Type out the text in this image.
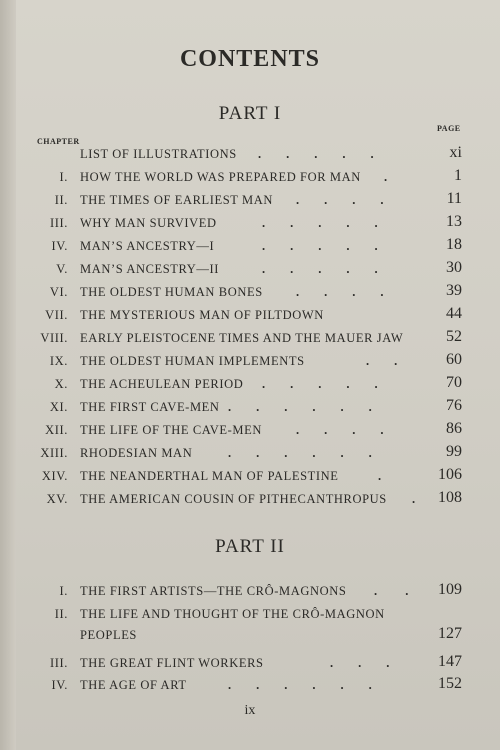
CONTENTS
PART I
CHAPTER
PAGE
LIST OF ILLUSTRATIONS .        .        .        .        .	xi
I. HOW THE WORLD WAS PREPARED FOR MAN .	1
II. THE TIMES OF EARLIEST MAN .        .        .        .	11
III. WHY MAN SURVIVED	.        .        .        .        .	13
IV. MAN’S ANCESTRY—I	.        .        .        .        .	18
V. MAN’S ANCESTRY—II	.        .        .        .        .	30
VI. THE OLDEST HUMAN BONES	.        .        .        .	39
VII. THE MYSTERIOUS MAN OF PILTDOWN	44
VIII. EARLY PLEISTOCENE TIMES AND THE MAUER JAW	52
IX. THE OLDEST HUMAN IMPLEMENTS	.        .	60
X. THE ACHEULEAN PERIOD .        .        .        .        .	70
XI. THE FIRST CAVE-MEN .        .        .        .        .        .	76
XII. THE LIFE OF THE CAVE-MEN	.        .        .        .	86
XIII. RHODESIAN MAN	.        .        .        .        .        .	99
XIV. THE NEANDERTHAL MAN OF PALESTINE	.	106
XV. THE AMERICAN COUSIN OF PITHECANTHROPUS .	108
PART II
I. THE FIRST ARTISTS—THE CRÔ-MAGNONS .         .	109
II. THE LIFE AND THOUGHT OF THE CRÔ-MAGNON
PEOPLES	127
III. THE GREAT FLINT WORKERS	.        .        .	147
IV. THE AGE OF ART	.        .        .        .        .        .	152
ix
